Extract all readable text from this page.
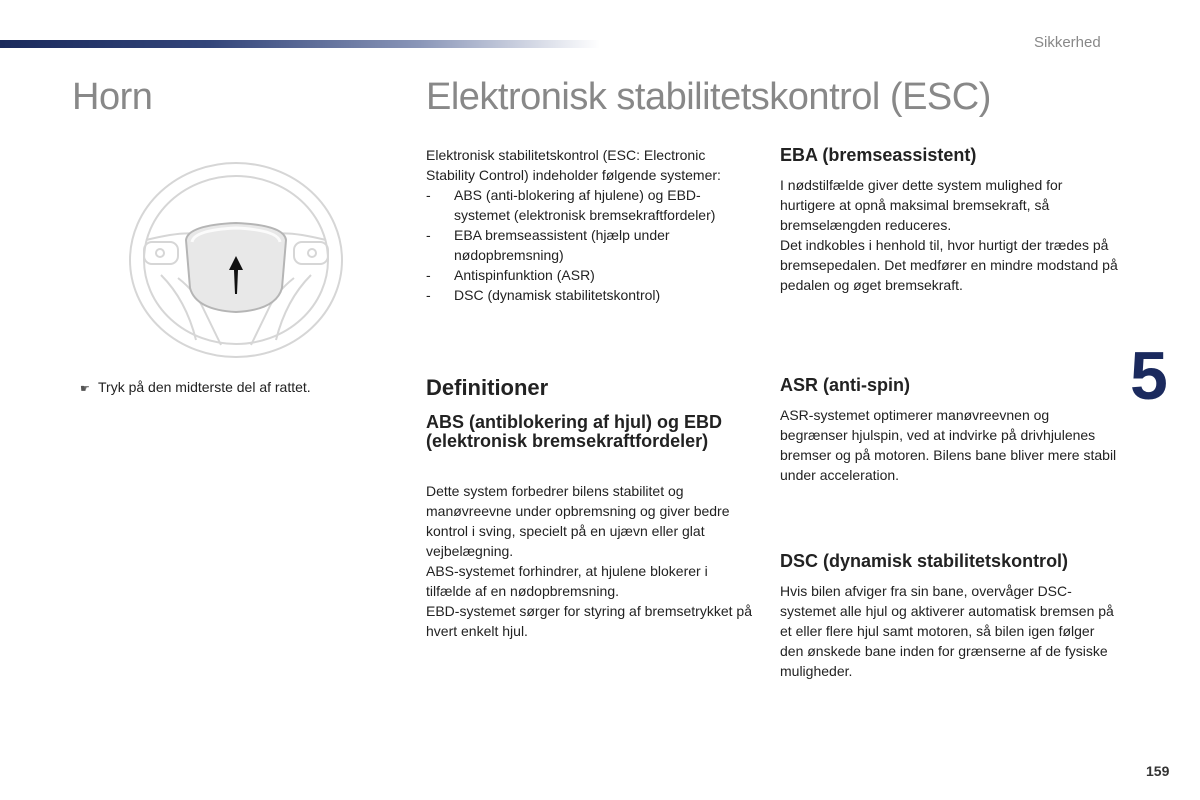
Sikkerhed
Horn	Elektronisk stabilitetskontrol (ESC)
☛ Tryk på den midterste del af rattet.

Elektronisk stabilitetskontrol (ESC: Electronic Stability Control) indeholder følgende systemer:

- ABS (anti-blokering af hjulene) og EBD-systemet (elektronisk bremsekraftfordeler)
- EBA bremseassistent (hjælp under nødopbremsning)
- Antispinfunktion (ASR)
- DSC (dynamisk stabilitetskontrol)
Definitioner
ABS (antiblokering af hjul) og EBD (elektronisk bremsekraftfordeler)

Dette system forbedrer bilens stabilitet og manøvreevne under opbremsning og giver bedre kontrol i sving, specielt på en ujævn eller glat vejbelægning.

ABS-systemet forhindrer, at hjulene blokerer i tilfælde af en nødopbremsning.

EBD-systemet sørger for styring af bremsetrykket på hvert enkelt hjul.

EBA (bremseassistent)

I nødstilfælde giver dette system mulighed for hurtigere at opnå maksimal bremsekraft, så bremselængden reduceres.

Det indkobles i henhold til, hvor hurtigt der trædes på bremsepedalen. Det medfører en mindre modstand på pedalen og øget bremsekraft.

ASR (anti-spin)

ASR-systemet optimerer manøvreevnen og begrænser hjulspin, ved at indvirke på drivhjulenes bremser og på motoren. Bilens bane bliver mere stabil under acceleration.

DSC (dynamisk stabilitetskontrol)

Hvis bilen afviger fra sin bane, overvåger DSC-systemet alle hjul og aktiverer automatisk bremsen på et eller flere hjul samt motoren, så bilen igen følger den ønskede bane inden for grænserne af de fysiske muligheder.

5
159
